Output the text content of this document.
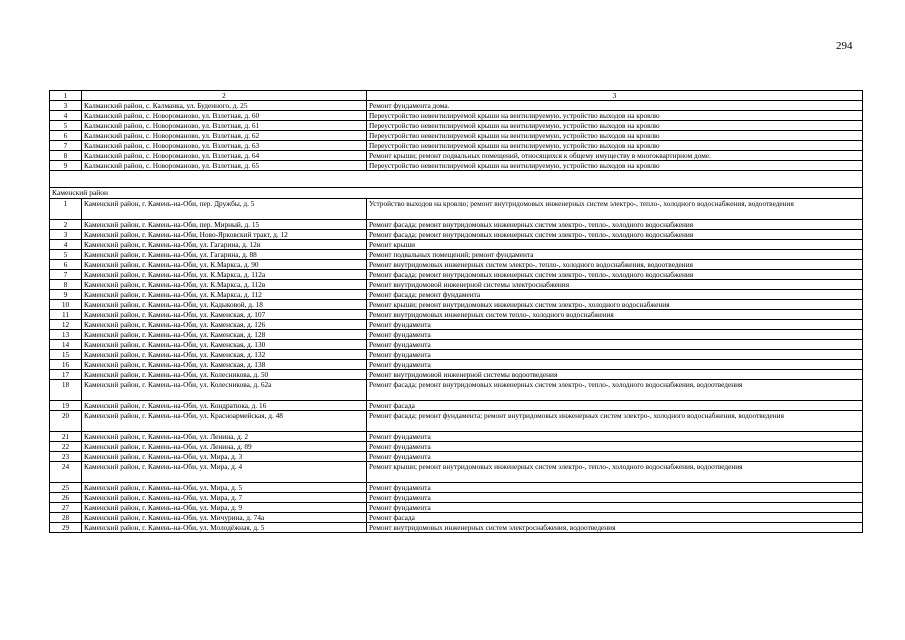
294
1	2	3
3	Калманский район, с. Калманка, ул. Буденного, д. 25	Ремонт фундамента дома.
4	Калманский район, с. Новороманово, ул. Взлетная, д. 60	Переустройство невентилируемой крыши на вентилируемую, устройство выходов на кровлю
5	Калманский район, с. Новороманово, ул. Взлетная, д. 61	Переустройство невентилируемой крыши на вентилируемую, устройство выходов на кровлю
6	Калманский район, с. Новороманово, ул. Взлетная, д. 62	Переустройство невентилируемой крыши на вентилируемую, устройство выходов на кровлю
7	Калманский район, с. Новороманово, ул. Взлетная, д. 63	Переустройство невентилируемой крыши на вентилируемую, устройство выходов на кровлю
8	Калманский район, с. Новороманово, ул. Взлетная, д. 64	Ремонт крыши; ремонт подвальных помещений, относящихся к общему имуществу в многоквартирном доме.
9	Калманский район, с. Новороманово, ул. Взлетная, д. 65	Переустройство невентилируемой крыши на вентилируемую, устройство выходов на кровлю

Каменский район		
1	Каменский район, г. Камень-на-Оби, пер. Дружбы, д. 5	Устройство выходов на кровлю; ремонт внутридомовых инженерных систем электро-, тепло-, холодного водоснабжения, водоотведения
2	Каменский район, г. Камень-на-Оби, пер. Мирный, д. 15	Ремонт фасада; ремонт внутридомовых инженерных систем электро-, тепло-, холодного водоснабжения
3	Каменский район, г. Камень-на-Оби, Ново-Ярковский тракт, д. 12	Ремонт фасада; ремонт внутридомовых инженерных систем электро-, тепло-, холодного водоснабжения
4	Каменский район, г. Камень-на-Оби, ул. Гагарина, д. 12и	Ремонт крыши
5	Каменский район, г. Камень-на-Оби, ул. Гагарина, д. 88	Ремонт подвальных помещений; ремонт фундамента
6	Каменский район, г. Камень-на-Оби, ул. К.Маркса, д. 90	Ремонт внутридомовых инженерных систем электро-, тепло-, холодного водоснабжения, водоотведения
7	Каменский район, г. Камень-на-Оби, ул. К.Маркса, д. 112а	Ремонт фасада; ремонт внутридомовых инженерных систем электро-, тепло-, холодного водоснабжения
8	Каменский район, г. Камень-на-Оби, ул. К.Маркса, д. 112в	Ремонт внутридомовой инженерной системы электроснабжения
9	Каменский район, г. Камень-на-Оби, ул. К.Маркса, д. 112	Ремонт фасада; ремонт фундамента
10	Каменский район, г. Камень-на-Оби, ул. Кадыковой, д. 18	Ремонт крыши; ремонт внутридомовых инженерных систем электро-, холодного водоснабжения
11	Каменский район, г. Камень-на-Оби, ул. Каменская, д. 107	Ремонт внутридомовых инженерных систем тепло-, холодного водоснабжения
12	Каменский район, г. Камень-на-Оби, ул. Каменская, д. 126	Ремонт фундамента
13	Каменский район, г. Камень-на-Оби, ул. Каменская, д. 128	Ремонт фундамента
14	Каменский район, г. Камень-на-Оби, ул. Каменская, д. 130	Ремонт фундамента
15	Каменский район, г. Камень-на-Оби, ул. Каменская, д. 132	Ремонт фундамента
16	Каменский район, г. Камень-на-Оби, ул. Каменская, д. 138	Ремонт фундамента
17	Каменский район, г. Камень-на-Оби, ул. Колесникова, д. 50	Ремонт внутридомовой инженерной системы водоотведения
18	Каменский район, г. Камень-на-Оби, ул. Колесникова, д. 62а	Ремонт фасада; ремонт внутридомовых инженерных систем электро-, тепло-, холодного водоснабжения, водоотведения
19	Каменский район, г. Камень-на-Оби, ул. Кондратюка, д. 16	Ремонт фасада
20	Каменский район, г. Камень-на-Оби, ул. Красноармейская, д. 48	Ремонт фасада; ремонт фундамента; ремонт внутридомовых инженерных систем электро-, холодного водоснабжения, водоотведения
21	Каменский район, г. Камень-на-Оби, ул. Ленина, д. 2	Ремонт фундамента
22	Каменский район, г. Камень-на-Оби, ул. Ленина, д. 89	Ремонт фундамента
23	Каменский район, г. Камень-на-Оби, ул. Мира, д. 3	Ремонт фундамента
24	Каменский район, г. Камень-на-Оби, ул. Мира, д. 4	Ремонт крыши; ремонт внутридомовых инженерных систем электро-, тепло-, холодного водоснабжения, водоотведения
25	Каменский район, г. Камень-на-Оби, ул. Мира, д. 5	Ремонт фундамента
26	Каменский район, г. Камень-на-Оби, ул. Мира, д. 7	Ремонт фундамента
27	Каменский район, г. Камень-на-Оби, ул. Мира, д. 9	Ремонт фундамента
28	Каменский район, г. Камень-на-Оби, ул. Мичурина, д. 74а	Ремонт фасада
29	Каменский район, г. Камень-на-Оби, ул. Молодёжная, д. 5	Ремонт внутридомовых инженерных систем электроснабжения, водоотведения
